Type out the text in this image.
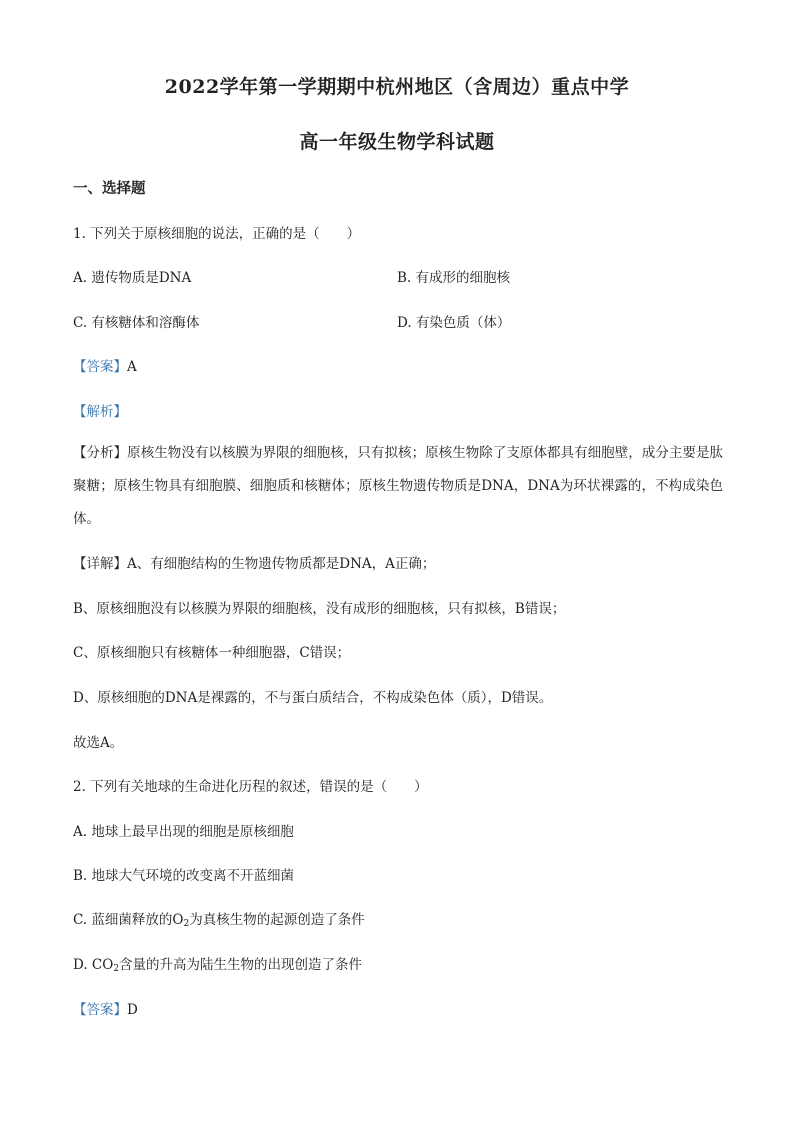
2022学年第一学期期中杭州地区（含周边）重点中学
高一年级生物学科试题
一、选择题
1. 下列关于原核细胞的说法，正确的是（　　）
A. 遗传物质是DNA	B. 有成形的细胞核
C. 有核糖体和溶酶体	D. 有染色质（体）
【答案】A
【解析】
【分析】原核生物没有以核膜为界限的细胞核，只有拟核；原核生物除了支原体都具有细胞壁，成分主要是肽聚糖；原核生物具有细胞膜、细胞质和核糖体；原核生物遗传物质是DNA，DNA为环状裸露的，不构成染色体。
【详解】A、有细胞结构的生物遗传物质都是DNA，A正确；
B、原核细胞没有以核膜为界限的细胞核，没有成形的细胞核，只有拟核，B错误；
C、原核细胞只有核糖体一种细胞器，C错误；
D、原核细胞的DNA是裸露的，不与蛋白质结合，不构成染色体（质），D错误。
故选A。
2. 下列有关地球的生命进化历程的叙述，错误的是（　　）
A. 地球上最早出现的细胞是原核细胞
B. 地球大气环境的改变离不开蓝细菌
C. 蓝细菌释放的$O_2$为真核生物的起源创造了条件
D. $CO_2$含量的升高为陆生生物的出现创造了条件
【答案】D
